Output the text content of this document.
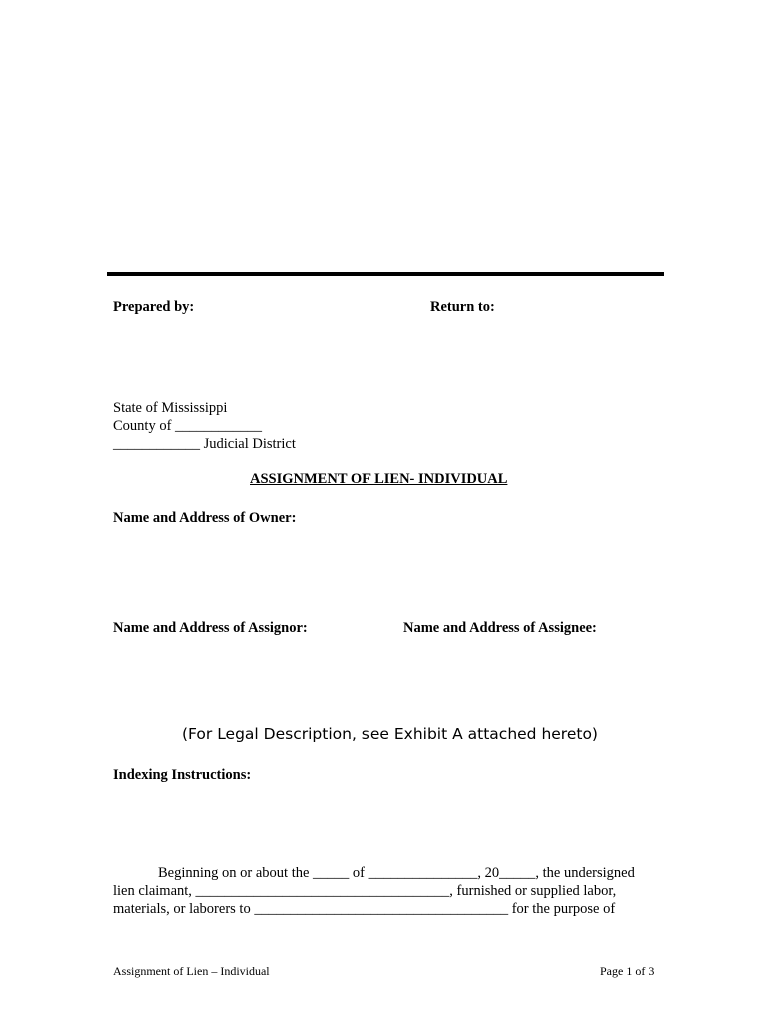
Prepared by:	Return to:
State of Mississippi
County of ____________
____________ Judicial District
ASSIGNMENT OF LIEN- INDIVIDUAL
Name and Address of Owner:
Name and Address of Assignor:	Name and Address of Assignee:
(For Legal Description, see Exhibit A attached hereto)
Indexing Instructions:
Beginning on or about the _____ of _______________, 20_____, the undersigned
lien claimant, ___________________________________, furnished or supplied labor,
materials, or laborers to ___________________________________ for the purpose of
Assignment of Lien – Individual	Page 1 of 3
